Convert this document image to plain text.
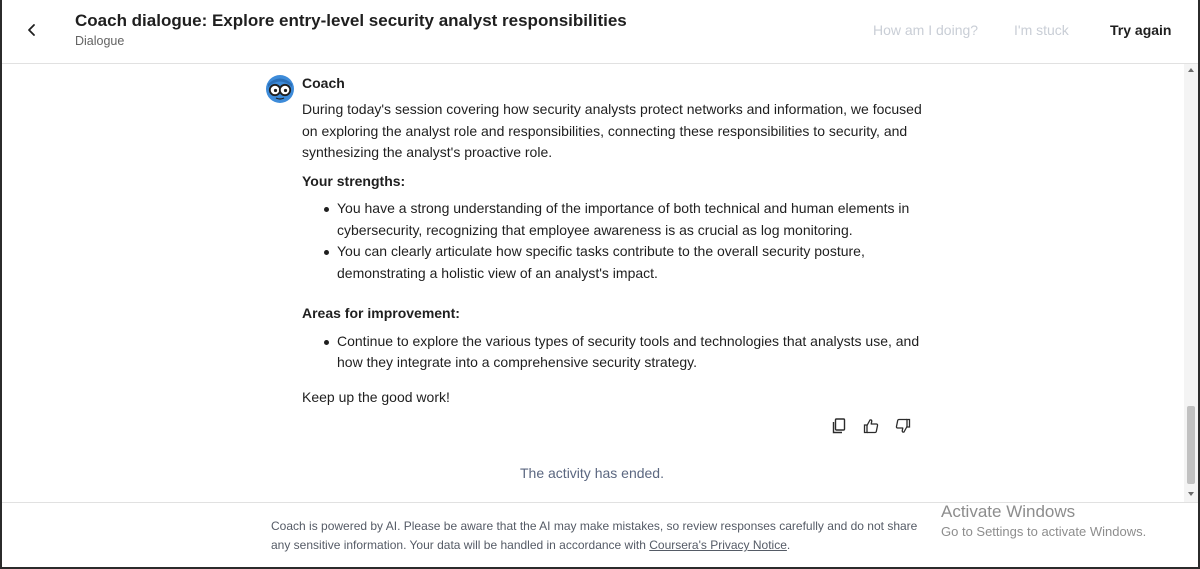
Coach dialogue: Explore entry-level security analyst responsibilities
Dialogue
How am I doing?	I'm stuck	Try again
Coach

During today's session covering how security analysts protect networks and information, we focused on exploring the analyst role and responsibilities, connecting these responsibilities to security, and synthesizing the analyst's proactive role.

Your strengths:

You have a strong understanding of the importance of both technical and human elements in cybersecurity, recognizing that employee awareness is as crucial as log monitoring.
You can clearly articulate how specific tasks contribute to the overall security posture, demonstrating a holistic view of an analyst's impact.

Areas for improvement:

Continue to explore the various types of security tools and technologies that analysts use, and how they integrate into a comprehensive security strategy.

Keep up the good work!

The activity has ended.
Coach is powered by AI. Please be aware that the AI may make mistakes, so review responses carefully and do not share any sensitive information. Your data will be handled in accordance with Coursera's Privacy Notice.
Activate Windows
Go to Settings to activate Windows.
